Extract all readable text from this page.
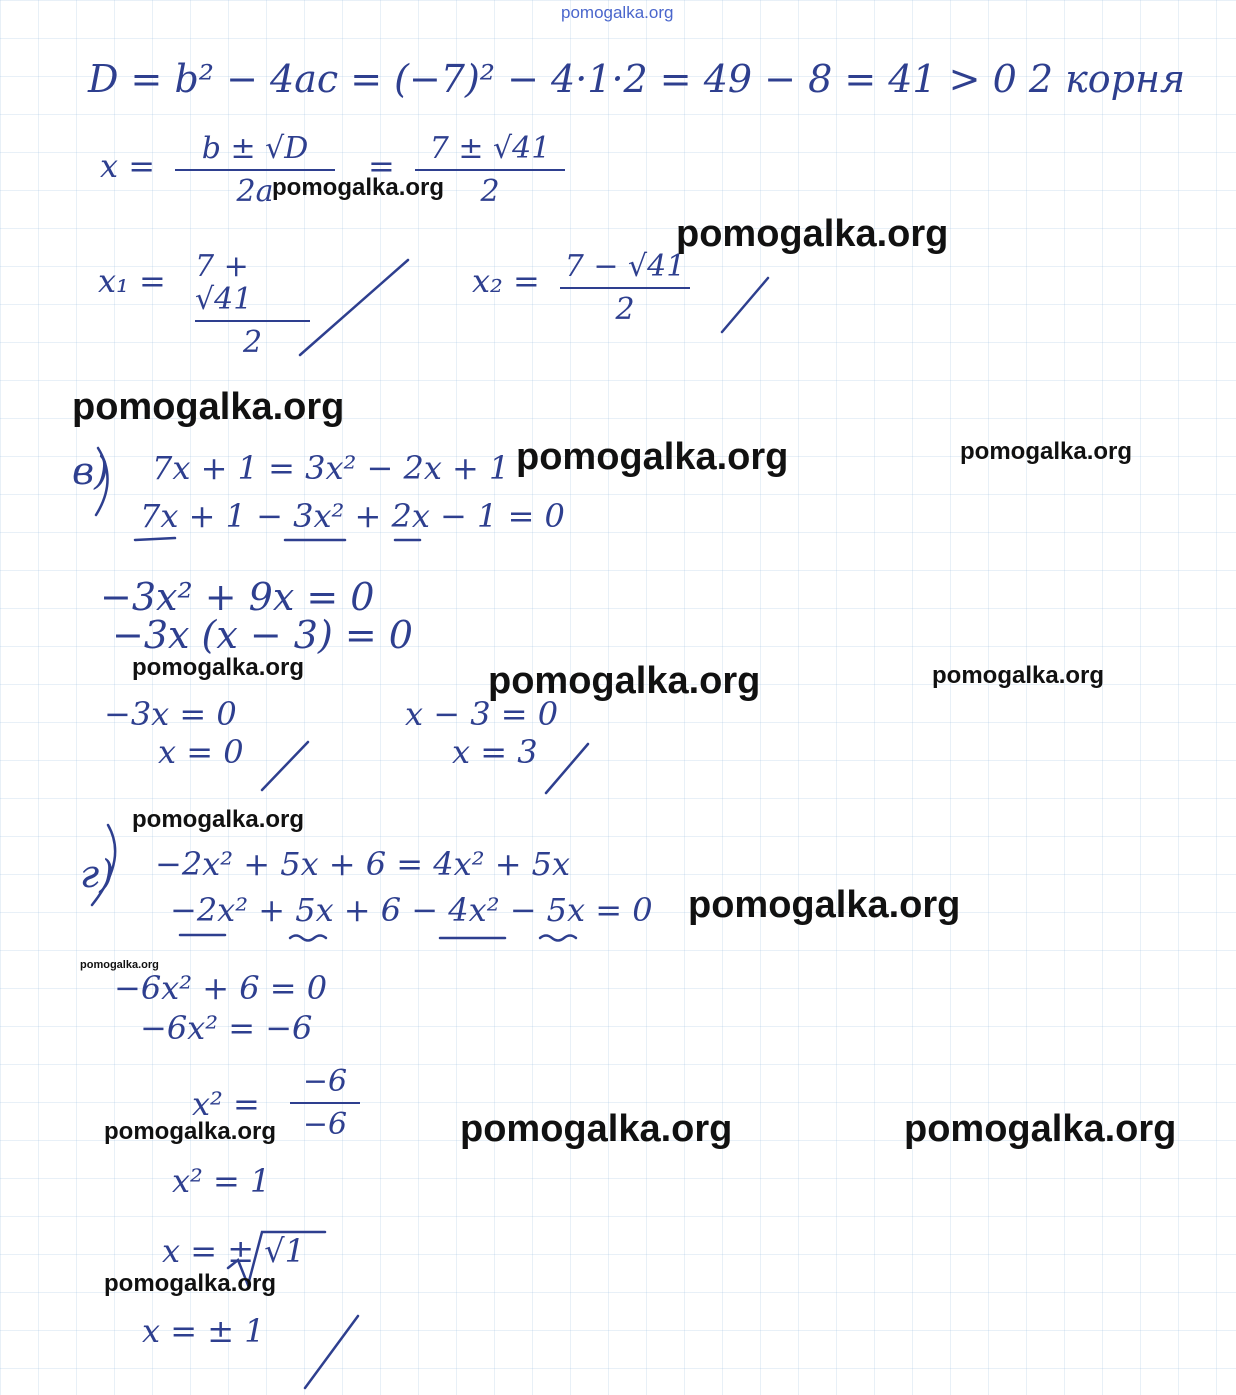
pomogalka.org
D = b² − 4ac = (−7)² − 4·1·2 = 49 − 8 = 41 > 0 2 корня
x = b ± √D
2a
= 7 ± √41
2
x₁ = 7 + √41
2
x₂ = 7 − √41
2
в) 7x + 1 = 3x² − 2x + 1
7x + 1 − 3x² + 2x − 1 = 0
−3x² + 9x = 0
−3x (x − 3) = 0
−3x = 0	x − 3 = 0
x = 0	x = 3
г) −2x² + 5x + 6 = 4x² + 5x
−2x² + 5x + 6 − 4x² − 5x = 0
−6x² + 6 = 0
−6x² = −6
x² =
−6
−6
x² = 1
x = ± √1
x = ± 1
pomogalka.org
pomogalka.org
pomogalka.org
pomogalka.org	pomogalka.org
pomogalka.org	pomogalka.org	pomogalka.org
pomogalka.org
pomogalka.org
pomogalka.org
pomogalka.org	pomogalka.org	pomogalka.org
pomogalka.org
